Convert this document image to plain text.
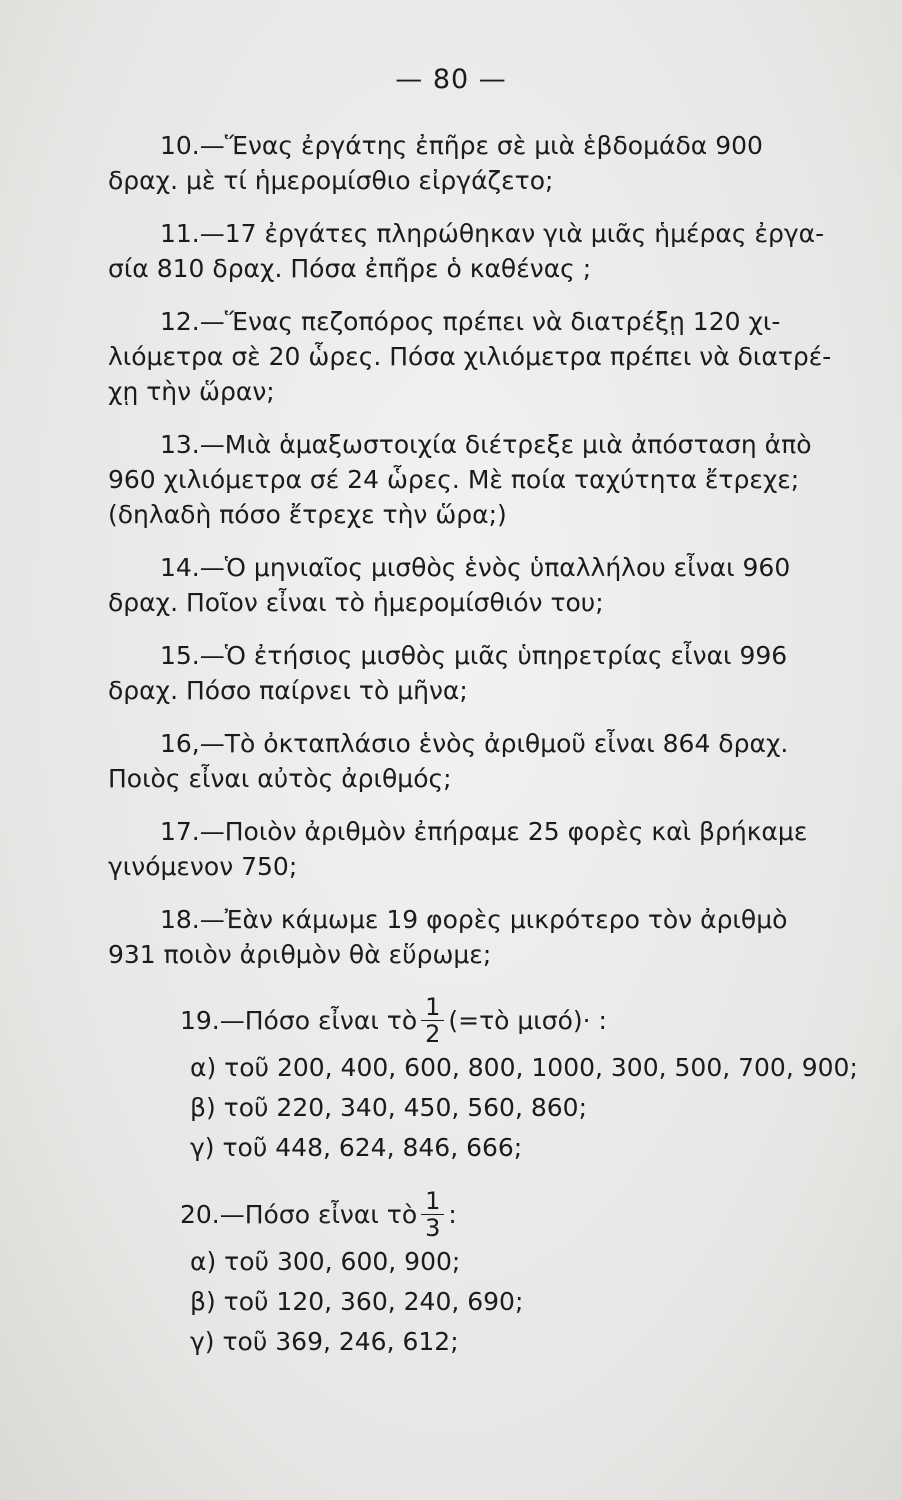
— 80 —
10.—Ἕνας ἐργάτης ἐπῆρε σὲ μιὰ ἑβδομάδα 900
δραχ. μὲ τί ἡμερομίσθιο εἰργάζετο;
11.—17 ἐργάτες πληρώθηκαν γιὰ μιᾶς ἡμέρας ἐργα-
σία 810 δραχ. Πόσα ἐπῆρε ὁ καθένας ;
12.—Ἕνας πεζοπόρος πρέπει νὰ διατρέξῃ 120 χι-
λιόμετρα σὲ 20 ὧρες. Πόσα χιλιόμετρα πρέπει νὰ διατρέ-
χῃ τὴν ὥραν;
13.—Μιὰ ἁμαξωστοιχία διέτρεξε μιὰ ἀπόσταση ἀπὸ
960 χιλιόμετρα σέ 24 ὧρες. Μὲ ποία ταχύτητα ἔτρεχε;
(δηλαδὴ πόσο ἔτρεχε τὴν ὥρα;)
14.—Ὁ μηνιαῖος μισθὸς ἑνὸς ὑπαλλήλου εἶναι 960
δραχ. Ποῖον εἶναι τὸ ἡμερομίσθιόν του;
15.—Ὁ ἐτήσιος μισθὸς μιᾶς ὑπηρετρίας εἶναι 996
δραχ. Πόσο παίρνει τὸ μῆνα;
16,—Τὸ ὀκταπλάσιο ἑνὸς ἀριθμοῦ εἶναι 864 δραχ.
Ποιὸς εἶναι αὐτὸς ἀριθμός;
17.—Ποιὸν ἀριθμὸν ἐπήραμε 25 φορὲς καὶ βρήκαμε
γινόμενον 750;
18.—Ἐὰν κάμωμε 19 φορὲς μικρότερο τὸν ἀριθμὸ
931 ποιὸν ἀριθμὸν θὰ εὕρωμε;
19.—Πόσο εἶναι τὸ $\frac{1}{2}$ (=τὸ μισό)· :

α) τοῦ 200, 400, 600, 800, 1000, 300, 500, 700, 900;

β) τοῦ 220, 340, 450, 560, 860;

γ) τοῦ 448, 624, 846, 666;

20.—Πόσο εἶναι τὸ $\frac{1}{3}$ :

α) τοῦ 300, 600, 900;

β) τοῦ 120, 360, 240, 690;

γ) τοῦ 369, 246, 612;
